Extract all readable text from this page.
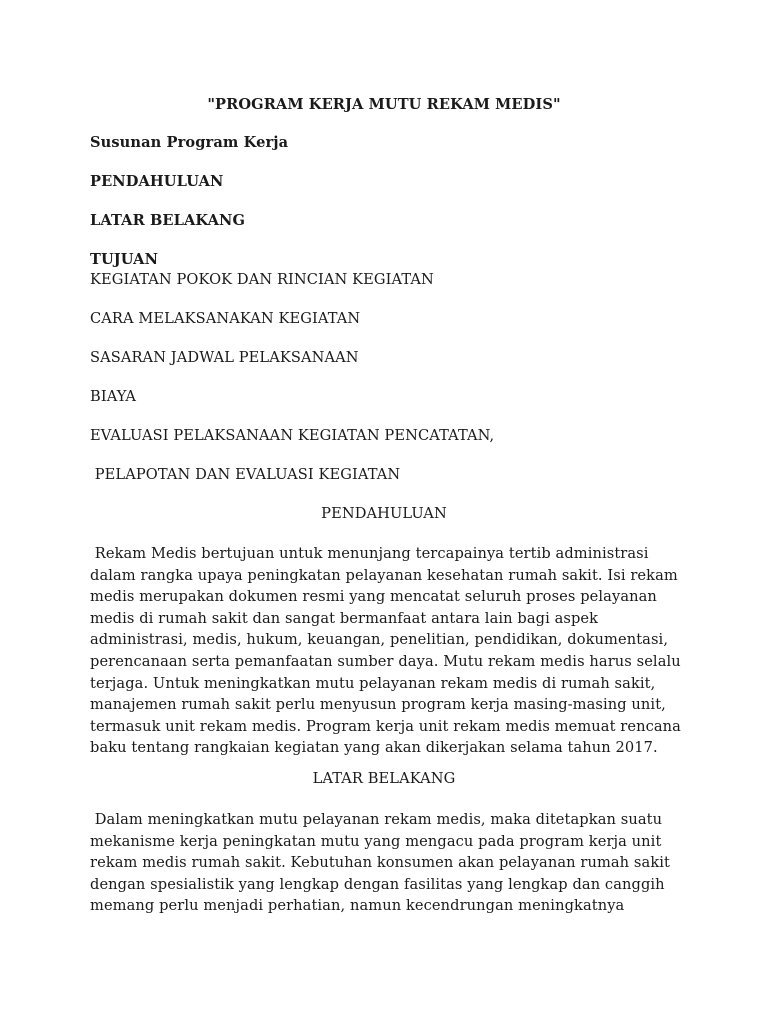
"PROGRAM KERJA MUTU REKAM MEDIS"
Susunan Program Kerja
PENDAHULUAN
LATAR BELAKANG
TUJUAN
KEGIATAN POKOK DAN RINCIAN KEGIATAN
CARA MELAKSANAKAN KEGIATAN
SASARAN JADWAL PELAKSANAAN
BIAYA
EVALUASI PELAKSANAAN KEGIATAN PENCATATAN,
PELAPOTAN DAN EVALUASI KEGIATAN
PENDAHULUAN
Rekam Medis bertujuan untuk menunjang tercapainya tertib administrasi
dalam rangka upaya peningkatan pelayanan kesehatan rumah sakit. Isi rekam
medis merupakan dokumen resmi yang mencatat seluruh proses pelayanan
medis di rumah sakit dan sangat bermanfaat antara lain bagi aspek
administrasi, medis, hukum, keuangan, penelitian, pendidikan, dokumentasi,
perencanaan serta pemanfaatan sumber daya. Mutu rekam medis harus selalu
terjaga. Untuk meningkatkan mutu pelayanan rekam medis di rumah sakit,
manajemen rumah sakit perlu menyusun program kerja masing-masing unit,
termasuk unit rekam medis. Program kerja unit rekam medis memuat rencana
baku tentang rangkaian kegiatan yang akan dikerjakan selama tahun 2017.
LATAR BELAKANG
Dalam meningkatkan mutu pelayanan rekam medis, maka ditetapkan suatu
mekanisme kerja peningkatan mutu yang mengacu pada program kerja unit
rekam medis rumah sakit. Kebutuhan konsumen akan pelayanan rumah sakit
dengan spesialistik yang lengkap dengan fasilitas yang lengkap dan canggih
memang perlu menjadi perhatian, namun kecendrungan meningkatnya
